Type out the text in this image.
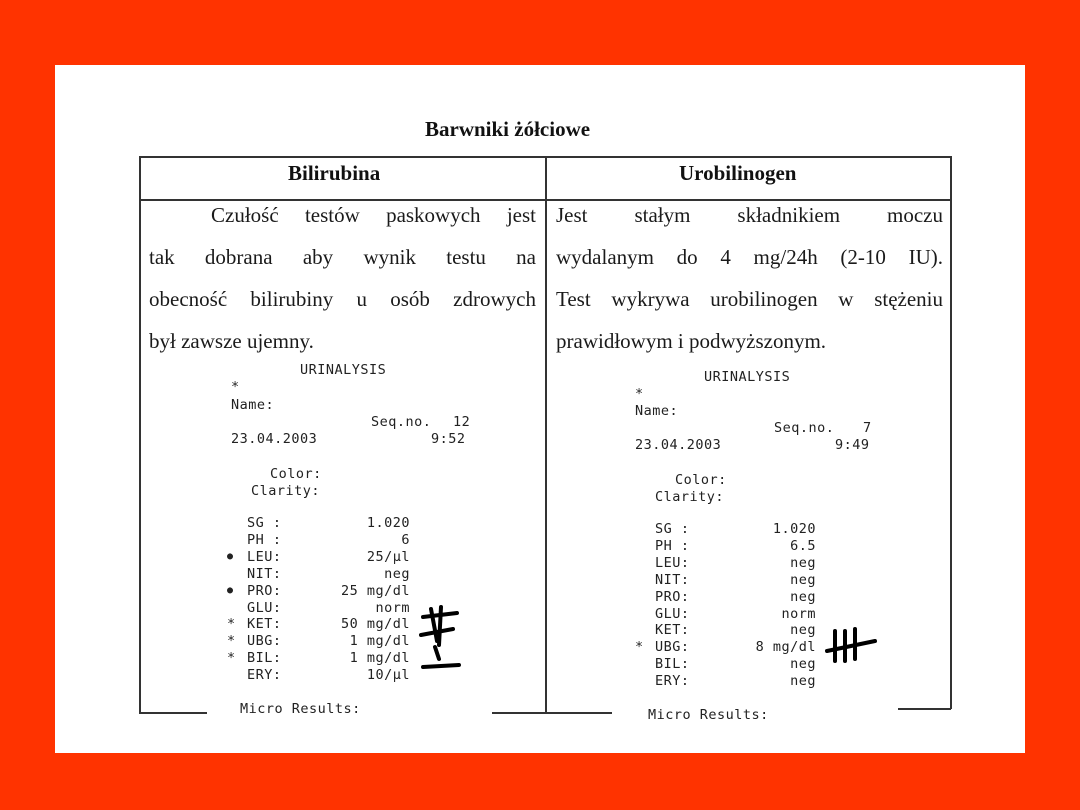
Barwniki żółciowe
Bilirubina	Urobilinogen
Czułość testów paskowych jest
tak dobrana aby wynik testu na
obecność bilirubiny u osób zdrowych
był zawsze ujemny.
Jest stałym składnikiem moczu
wydalanym do 4 mg/24h (2-10 IU).
Test wykrywa urobilinogen w stężeniu
prawidłowym i podwyższonym.
URINALYSIS
*
Name:
Seq.no. 12
23.04.2003	9:52
Color:
Clarity:
SG :	1.020
PH :	6
● LEU:	25/µl
NIT:	neg
● PRO:	25 mg/dl
GLU:	norm
* KET:	50 mg/dl
* UBG:	1 mg/dl
* BIL:	1 mg/dl
ERY:	10/µl
Micro Results:
URINALYSIS
*
Name:
Seq.no. 7
23.04.2003	9:49
Color:
Clarity:
SG :	1.020
PH :	6.5
LEU:	neg
NIT:	neg
PRO:	neg
GLU:	norm
KET:	neg
* UBG:	8 mg/dl
BIL:	neg
ERY:	neg
Micro Results:
